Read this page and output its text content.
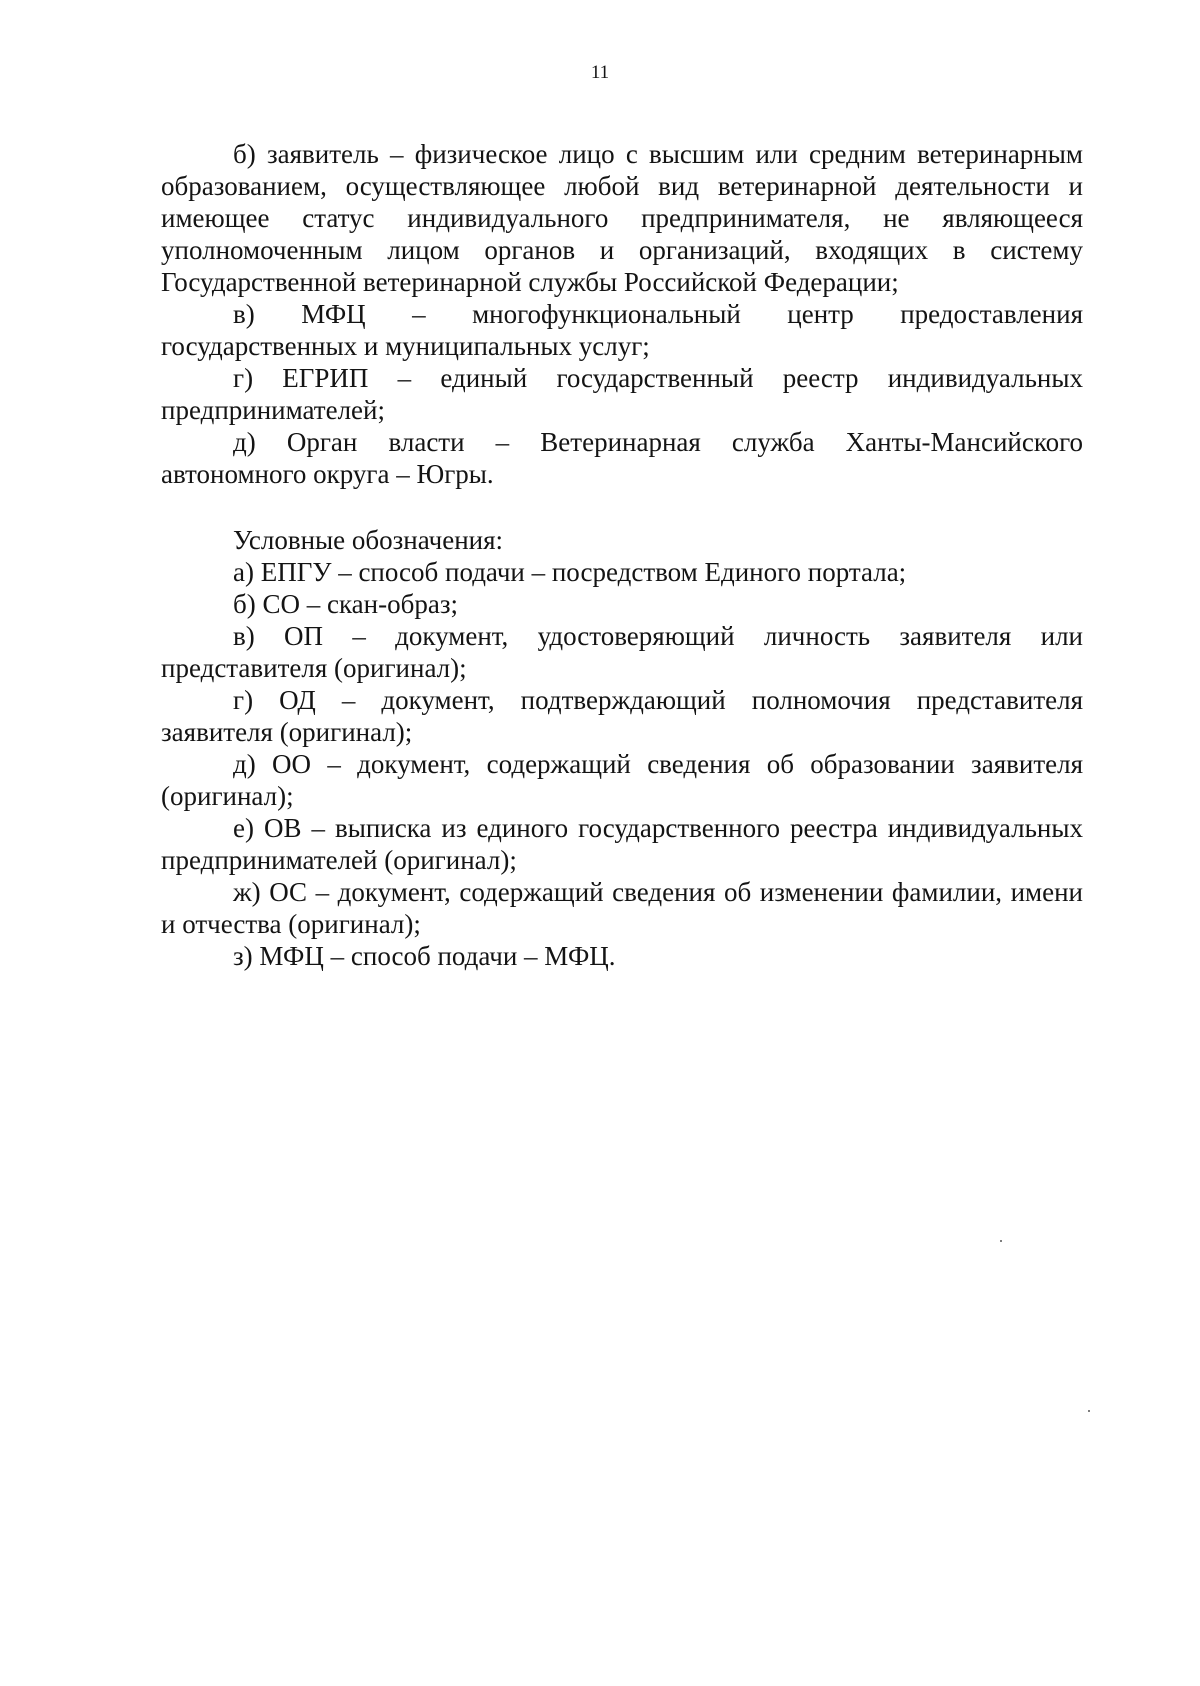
11

б) заявитель – физическое лицо с высшим или средним ветеринарным образованием, осуществляющее любой вид ветеринарной деятельности и имеющее статус индивидуального предпринимателя, не являющееся уполномоченным лицом органов и организаций, входящих в систему Государственной ветеринарной службы Российской Федерации;

в) МФЦ – многофункциональный центр предоставления государственных и муниципальных услуг;

г) ЕГРИП – единый государственный реестр индивидуальных предпринимателей;

д) Орган власти – Ветеринарная служба Ханты-Мансийского автономного округа – Югры.

Условные обозначения:

а) ЕПГУ – способ подачи – посредством Единого портала;

б) СО – скан-образ;

в) ОП – документ, удостоверяющий личность заявителя или представителя (оригинал);

г) ОД – документ, подтверждающий полномочия представителя заявителя (оригинал);

д) ОО – документ, содержащий сведения об образовании заявителя (оригинал);

е) ОВ – выписка из единого государственного реестра индивидуальных предпринимателей (оригинал);

ж) ОС – документ, содержащий сведения об изменении фамилии, имени и отчества (оригинал);

з) МФЦ – способ подачи – МФЦ.
